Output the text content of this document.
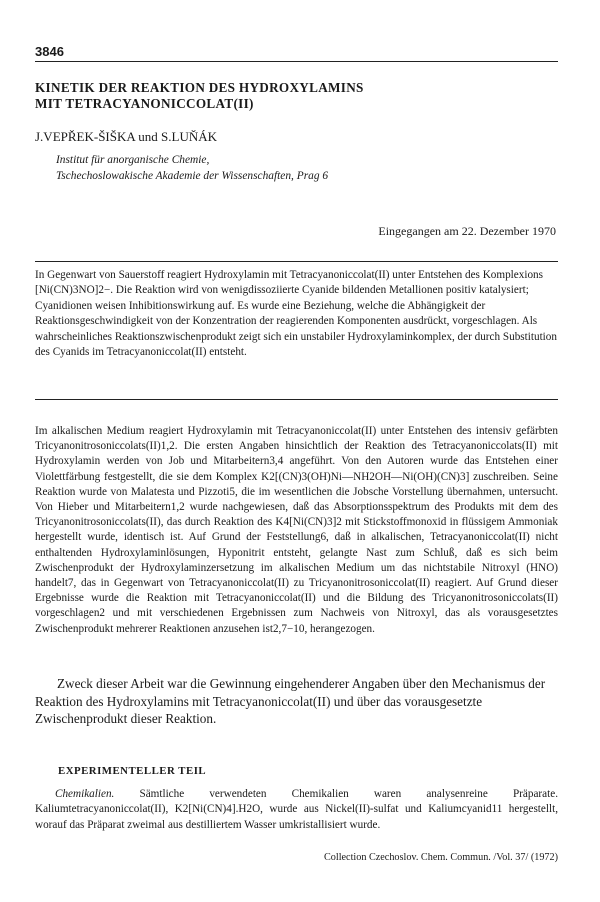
3846
KINETIK DER REAKTION DES HYDROXYLAMINS
MIT TETRACYANONICCOLAT(II)
J.VEPŘEK-ŠIŠKA und S.LUŇÁK
Institut für anorganische Chemie,
Tschechoslowakische Akademie der Wissenschaften, Prag 6
Eingegangen am 22. Dezember 1970

In Gegenwart von Sauerstoff reagiert Hydroxylamin mit Tetracyanoniccolat(II) unter Entstehen des Komplexions [Ni(CN)3NO]2−. Die Reaktion wird von wenigdissoziierte Cyanide bildenden Metallionen positiv katalysiert; Cyanidionen weisen Inhibitionswirkung auf. Es wurde eine Beziehung, welche die Abhängigkeit der Reaktionsgeschwindigkeit von der Konzentration der reagierenden Komponenten ausdrückt, vorgeschlagen. Als wahrscheinliches Reaktionszwischenprodukt zeigt sich ein unstabiler Hydroxylaminkomplex, der durch Substitution des Cyanids im Tetracyanoniccolat(II) entsteht.

Im alkalischen Medium reagiert Hydroxylamin mit Tetracyanoniccolat(II) unter Entstehen des intensiv gefärbten Tricyanonitrosoniccolats(II)1,2. Die ersten Angaben hinsichtlich der Reaktion des Tetracyanoniccolats(II) mit Hydroxylamin werden von Job und Mitarbeitern3,4 angeführt. Von den Autoren wurde das Entstehen einer Violettfärbung festgestellt, die sie dem Komplex K2[(CN)3(OH)Ni—NH2OH—Ni(OH)(CN)3] zuschreiben. Seine Reaktion wurde von Malatesta und Pizzoti5, die im wesentlichen die Jobsche Vorstellung übernahmen, untersucht. Von Hieber und Mitarbeitern1,2 wurde nachgewiesen, daß das Absorptionsspektrum des Produkts mit dem des Tricyanonitrosoniccolats(II), das durch Reaktion des K4[Ni(CN)3]2 mit Stickstoffmonoxid in flüssigem Ammoniak hergestellt wurde, identisch ist. Auf Grund der Feststellung6, daß in alkalischen, Tetracyanoniccolat(II) nicht enthaltenden Hydroxylaminlösungen, Hyponitrit entsteht, gelangte Nast zum Schluß, daß es sich beim Zwischenprodukt der Hydroxylaminzersetzung im alkalischen Medium um das nichtstabile Nitroxyl (HNO) handelt7, das in Gegenwart von Tetracyanoniccolat(II) zu Tricyanonitrosoniccolat(II) reagiert. Auf Grund dieser Ergebnisse wurde die Reaktion mit Tetracyanoniccolat(II) und die Bildung des Tricyanonitrosoniccolats(II) vorgeschlagen2 und mit verschiedenen Ergebnissen zum Nachweis von Nitroxyl, das als vorausgesetztes Zwischenprodukt mehrerer Reaktionen anzusehen ist2,7−10, herangezogen.

Zweck dieser Arbeit war die Gewinnung eingehenderer Angaben über den Mechanismus der Reaktion des Hydroxylamins mit Tetracyanoniccolat(II) und über das vorausgesetzte Zwischenprodukt dieser Reaktion.

EXPERIMENTELLER TEIL

Chemikalien. Sämtliche verwendeten Chemikalien waren analysenreine Präparate. Kaliumtetracyanoniccolat(II), K2[Ni(CN)4].H2O, wurde aus Nickel(II)-sulfat und Kaliumcyanid11 hergestellt, worauf das Präparat zweimal aus destilliertem Wasser umkristallisiert wurde.

Collection Czechoslov. Chem. Commun. /Vol. 37/ (1972)
